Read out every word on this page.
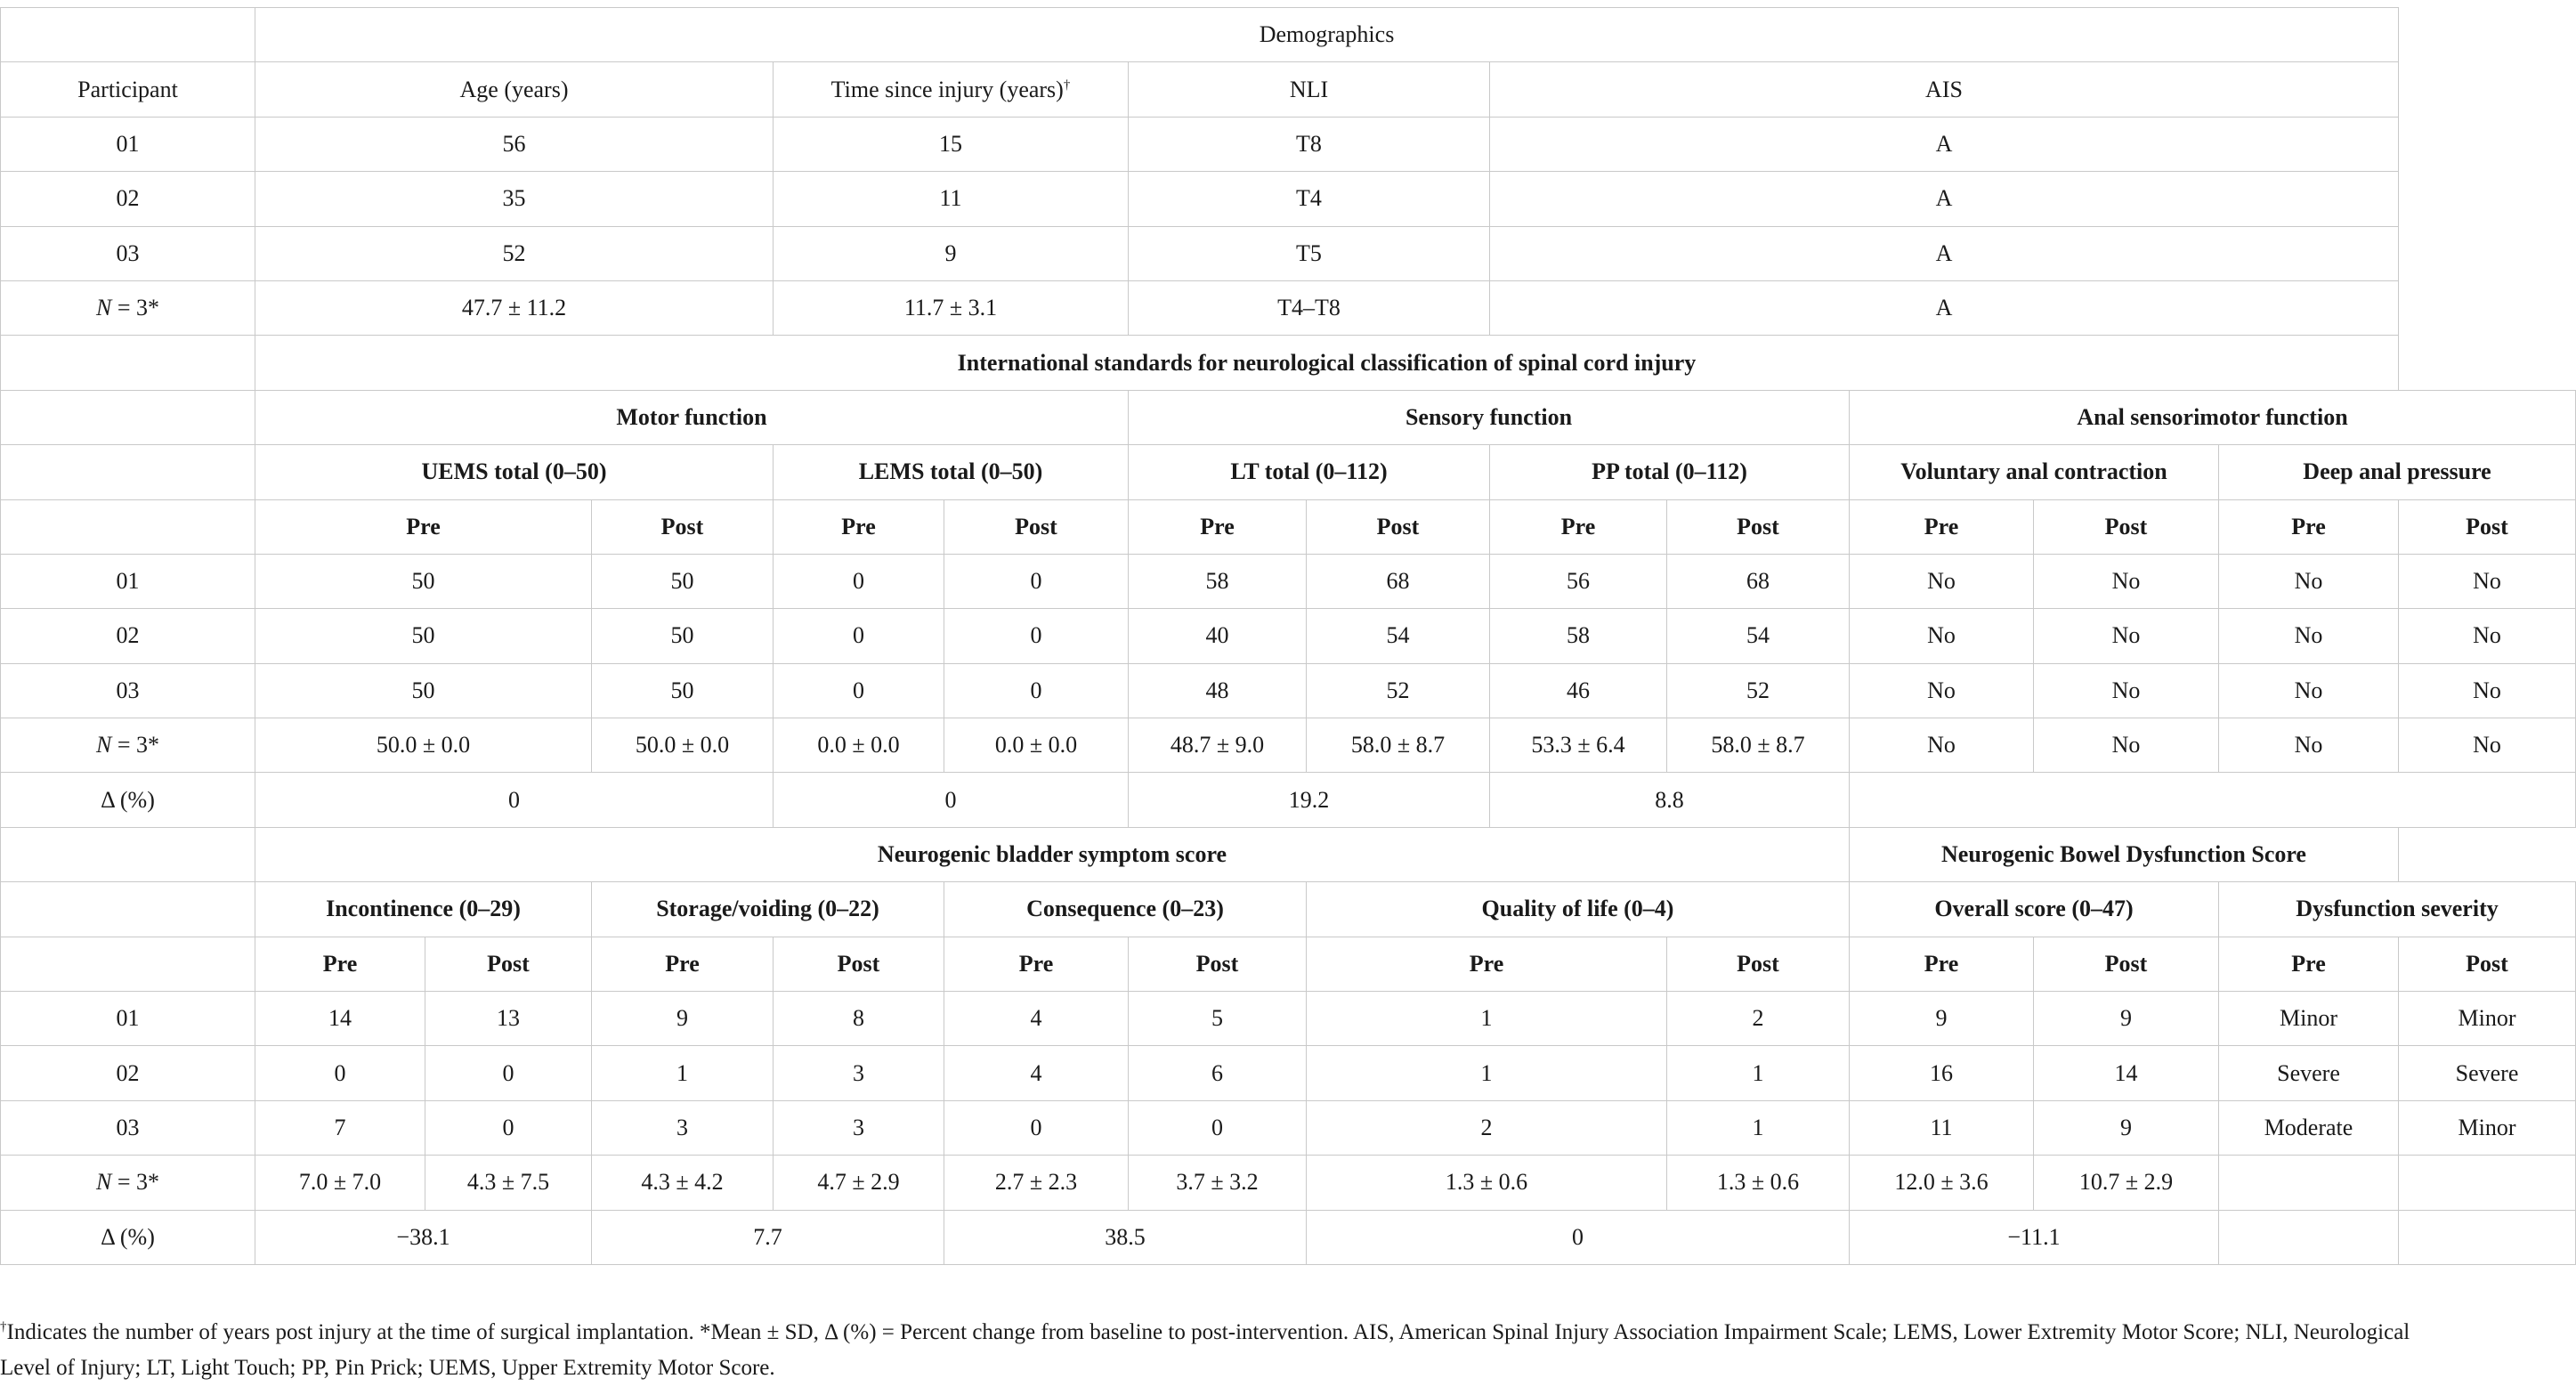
	Demographics												
Participant	Age (years)			Time since injury (years)†		NLI		AIS					
01	56			15		T8		A					
02	35			11		T4		A					
03	52			9		T5		A					
N = 3*	47.7 ± 11.2			11.7 ± 3.1		T4–T8		A					
	International standards for neurological classification of spinal cord injury												
	Motor function					Sensory function				Anal sensorimotor function			
	UEMS total (0–50)			LEMS total (0–50)		LT total (0–112)		PP total (0–112)		Voluntary anal contraction		Deep anal pressure	
	Pre		Post	Pre	Post	Pre	Post	Pre	Post	Pre	Post	Pre	Post
01	50		50	0	0	58	68	56	68	No	No	No	No
02	50		50	0	0	40	54	58	54	No	No	No	No
03	50		50	0	0	48	52	46	52	No	No	No	No
N = 3*	50.0 ± 0.0		50.0 ± 0.0	0.0 ± 0.0	0.0 ± 0.0	48.7 ± 9.0	58.0 ± 8.7	53.3 ± 6.4	58.0 ± 8.7	No	No	No	No
Δ (%)	0			0		19.2		8.8					
	Neurogenic bladder symptom score									Neurogenic Bowel Dysfunction Score			
	Incontinence (0–29)		Storage/voiding (0–22)		Consequence (0–23)		Quality of life (0–4)			Overall score (0–47)		Dysfunction severity	
	Pre	Post	Pre	Post	Pre	Post	Pre		Post	Pre	Post	Pre	Post
01	14	13	9	8	4	5	1		2	9	9	Minor	Minor
02	0	0	1	3	4	6	1		1	16	14	Severe	Severe
03	7	0	3	3	0	0	2		1	11	9	Moderate	Minor
N = 3*	7.0 ± 7.0	4.3 ± 7.5	4.3 ± 4.2	4.7 ± 2.9	2.7 ± 2.3	3.7 ± 3.2	1.3 ± 0.6		1.3 ± 0.6	12.0 ± 3.6	10.7 ± 2.9		
Δ (%)	−38.1		7.7		38.5		0			−11.1			
†Indicates the number of years post injury at the time of surgical implantation. *Mean ± SD, Δ (%) = Percent change from baseline to post-intervention. AIS, American Spinal Injury Association Impairment Scale; LEMS, Lower Extremity Motor Score; NLI, Neurological
Level of Injury; LT, Light Touch; PP, Pin Prick; UEMS, Upper Extremity Motor Score.
